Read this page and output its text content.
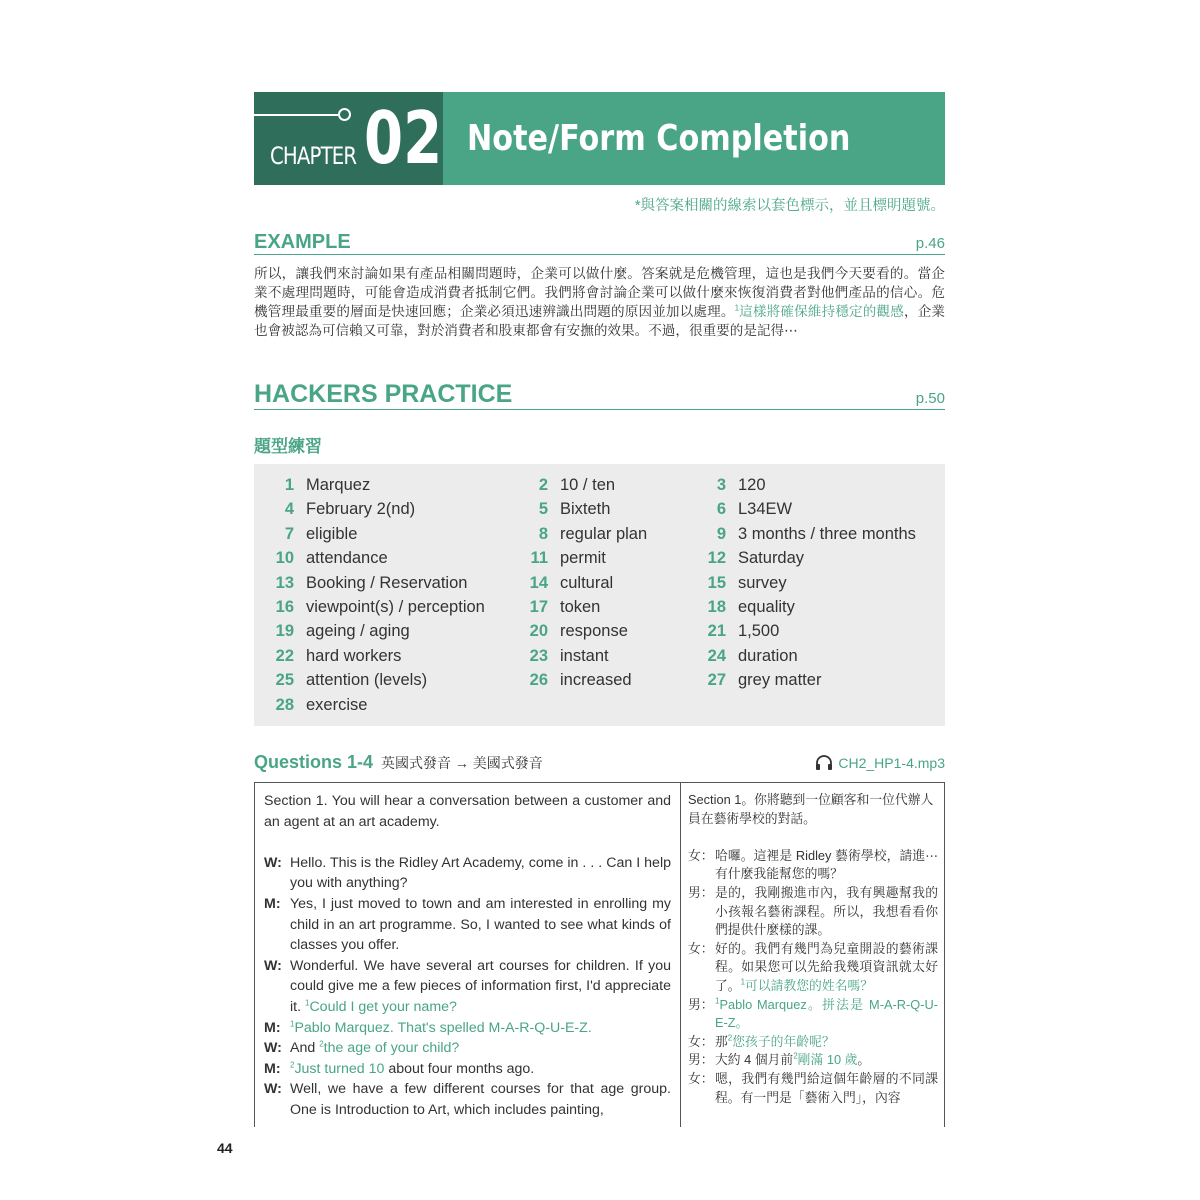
CHAPTER 02 Note/Form Completion
*與答案相關的線索以套色標示，並且標明題號。
EXAMPLE	p.46
所以，讓我們來討論如果有產品相關問題時，企業可以做什麼。答案就是危機管理，這也是我們今天要看的。當企業不處理問題時，可能會造成消費者抵制它們。我們將會討論企業可以做什麼來恢復消費者對他們產品的信心。危機管理最重要的層面是快速回應；企業必須迅速辨識出問題的原因並加以處理。$^1$這樣將確保維持穩定的觀感，企業也會被認為可信賴又可靠，對於消費者和股東都會有安撫的效果。不過，很重要的是記得⋯
HACKERS PRACTICE	p.50
題型練習
1 Marquez	2 10 / ten	3 120
4 February 2(nd)	5 Bixteth	6 L34EW
7 eligible	8 regular plan	9 3 months / three months
10 attendance	11 permit	12 Saturday
13 Booking / Reservation	14 cultural	15 survey
16 viewpoint(s) / perception	17 token	18 equality
19 ageing / aging	20 response	21 1,500
22 hard workers	23 instant	24 duration
25 attention (levels)	26 increased	27 grey matter
28 exercise
Questions 1-4 英國式發音 → 美國式發音	CH2_HP1-4.mp3
Section 1. You will hear a conversation between a customer and an agent at an art academy.
W: Hello. This is the Ridley Art Academy, come in . . . Can I help you with anything?
M: Yes, I just moved to town and am interested in enrolling my child in an art programme. So, I wanted to see what kinds of classes you offer.
W: Wonderful. We have several art courses for children. If you could give me a few pieces of information first, I'd appreciate it. $^1$Could I get your name?
M: $^1$Pablo Marquez. That's spelled M-A-R-Q-U-E-Z.
W: And $^2$the age of your child?
M: $^2$Just turned 10 about four months ago.
W: Well, we have a few different courses for that age group. One is Introduction to Art, which includes painting,
Section 1。你將聽到一位顧客和一位代辦人員在藝術學校的對話。
女： 哈囉。這裡是 Ridley 藝術學校，請進⋯有什麼我能幫您的嗎？
男： 是的，我剛搬進市內，我有興趣幫我的小孩報名藝術課程。所以，我想看看你們提供什麼樣的課。
女： 好的。我們有幾門為兒童開設的藝術課程。如果您可以先給我幾項資訊就太好了。$^1$可以請教您的姓名嗎？
男： $^1$Pablo Marquez。拼法是 M-A-R-Q-U-E-Z。
女： 那$^2$您孩子的年齡呢？
男： 大約 4 個月前$^2$剛滿 10 歲。
女： 嗯，我們有幾門給這個年齡層的不同課程。有一門是「藝術入門」，內容
44
